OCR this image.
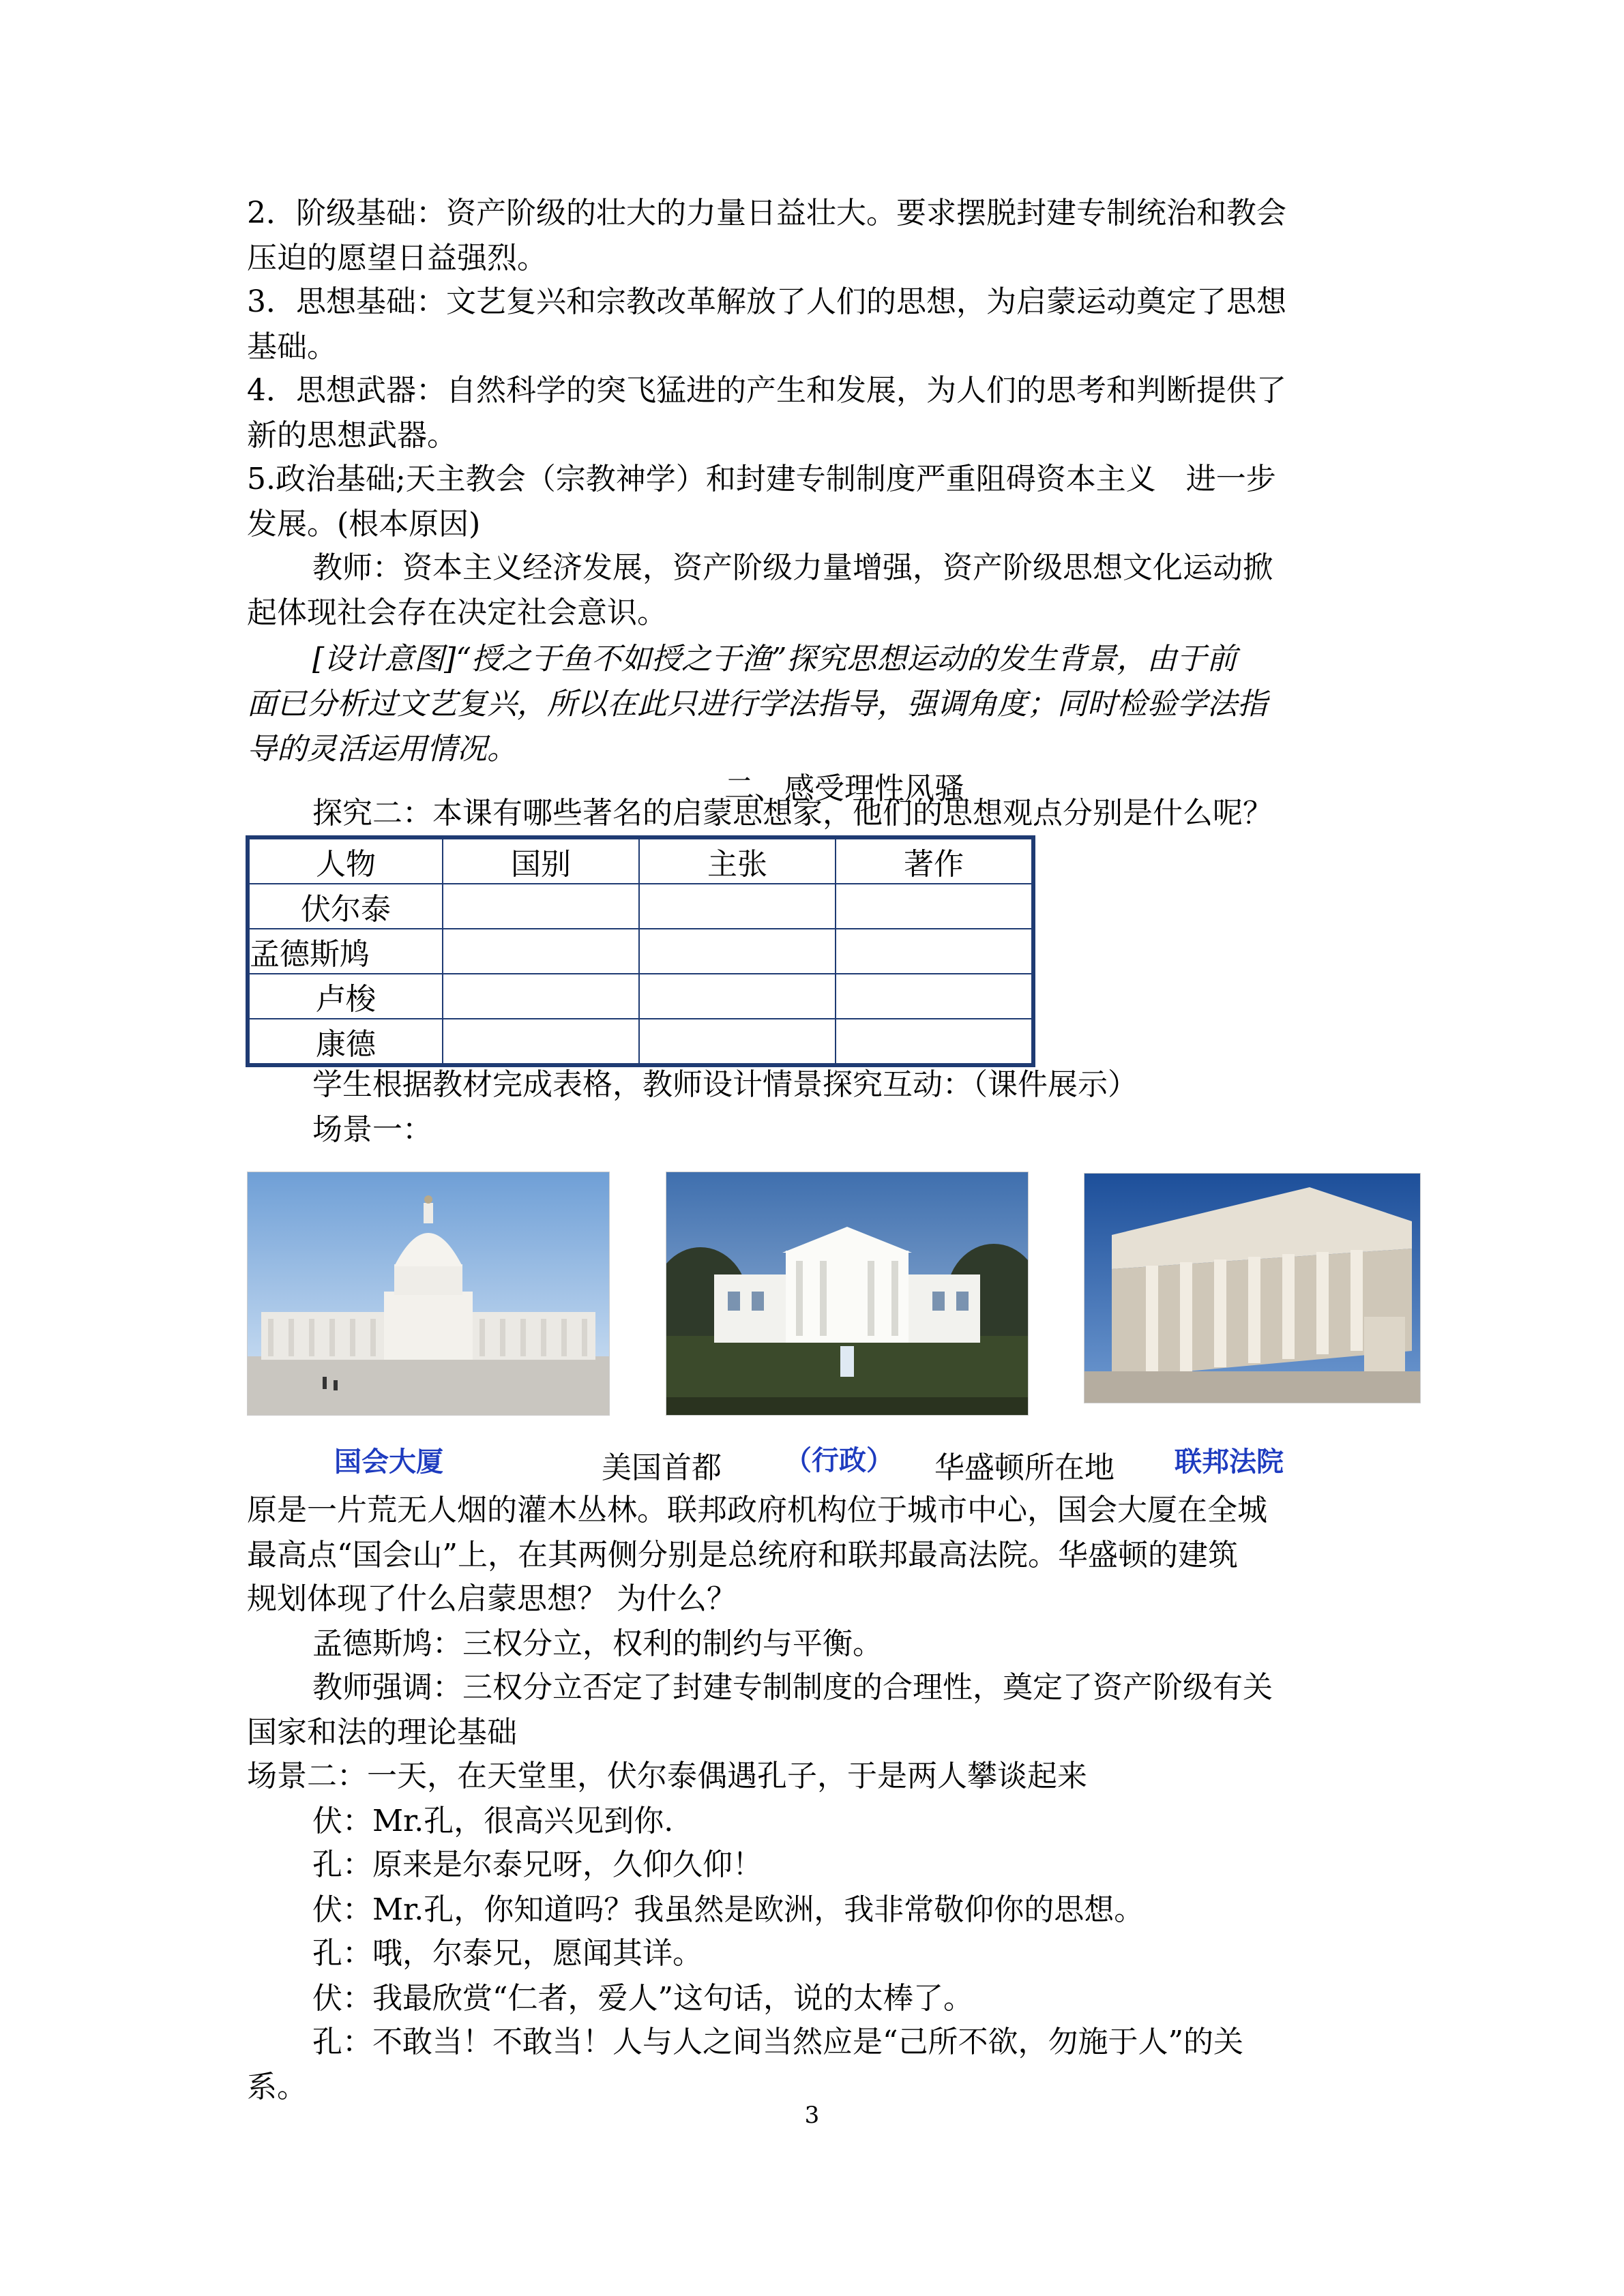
2．阶级基础：资产阶级的壮大的力量日益壮大。要求摆脱封建专制统治和教会
压迫的愿望日益强烈。
3．思想基础：文艺复兴和宗教改革解放了人们的思想，为启蒙运动奠定了思想
基础。
4．思想武器：自然科学的突飞猛进的产生和发展，为人们的思考和判断提供了
新的思想武器。
5.政治基础;天主教会（宗教神学）和封建专制制度严重阻碍资本主义　进一步
发展。(根本原因)
教师：资本主义经济发展，资产阶级力量增强，资产阶级思想文化运动掀
起体现社会存在决定社会意识。
[设计意图]“授之于鱼不如授之于渔”探究思想运动的发生背景，由于前
面已分析过文艺复兴，所以在此只进行学法指导，强调角度；同时检验学法指
导的灵活运用情况。
二、感受理性风骚
探究二：本课有哪些著名的启蒙思想家，他们的思想观点分别是什么呢？
人物	国别	主张	著作
伏尔泰			
孟德斯鸠			
卢梭			
康德			
学生根据教材完成表格，教师设计情景探究互动：（课件展示）
场景一：
国会大厦	美国首都 （行政） 华盛顿所在地 联邦法院
原是一片荒无人烟的灌木丛林。联邦政府机构位于城市中心，国会大厦在全城
最高点“国会山”上，在其两侧分别是总统府和联邦最高法院。华盛顿的建筑
规划体现了什么启蒙思想？ 为什么？
孟德斯鸠：三权分立，权利的制约与平衡。
教师强调：三权分立否定了封建专制制度的合理性，奠定了资产阶级有关
国家和法的理论基础
场景二：一天，在天堂里，伏尔泰偶遇孔子，于是两人攀谈起来
伏：Mr.孔，很高兴见到你.
孔：原来是尔泰兄呀，久仰久仰！
伏：Mr.孔，你知道吗？我虽然是欧洲，我非常敬仰你的思想。
孔：哦，尔泰兄，愿闻其详。
伏：我最欣赏“仁者，爱人”这句话，说的太棒了。
孔：不敢当！不敢当！人与人之间当然应是“己所不欲，勿施于人”的关
系。
3
